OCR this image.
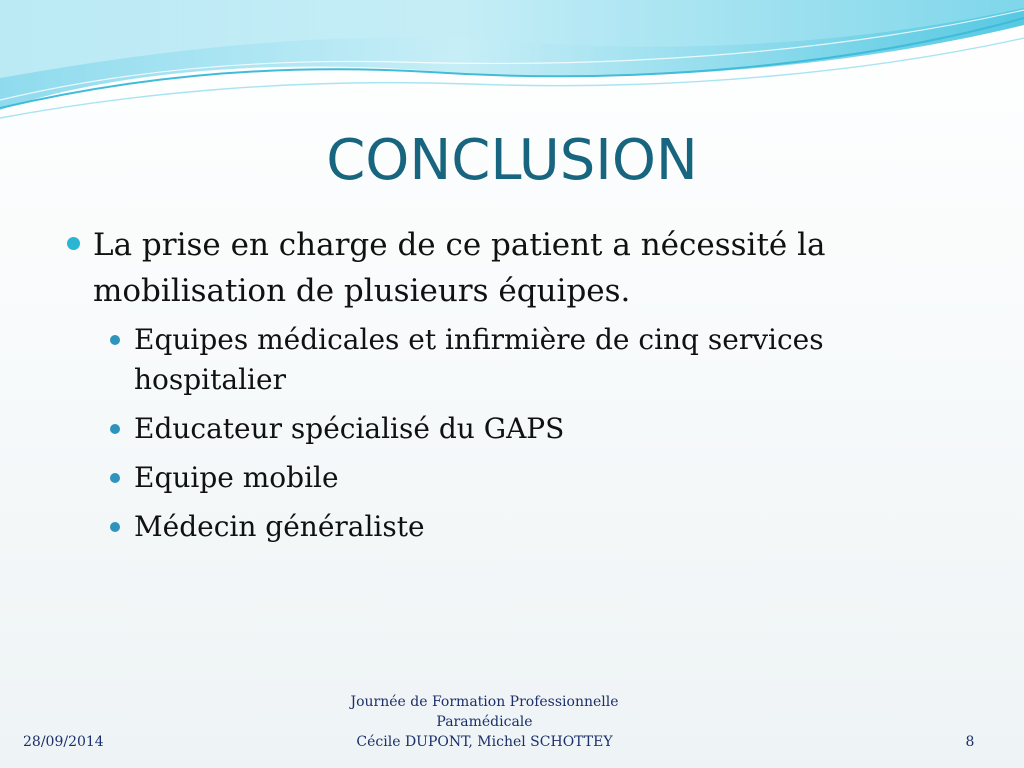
CONCLUSION
La prise en charge de ce patient a nécessité la mobilisation de plusieurs équipes.
Equipes médicales et infirmière de cinq services hospitalier
Educateur spécialisé du GAPS
Equipe mobile
Médecin généraliste
28/09/2014
Journée de Formation Professionnelle
Paramédicale
Cécile DUPONT, Michel SCHOTTEY	8
